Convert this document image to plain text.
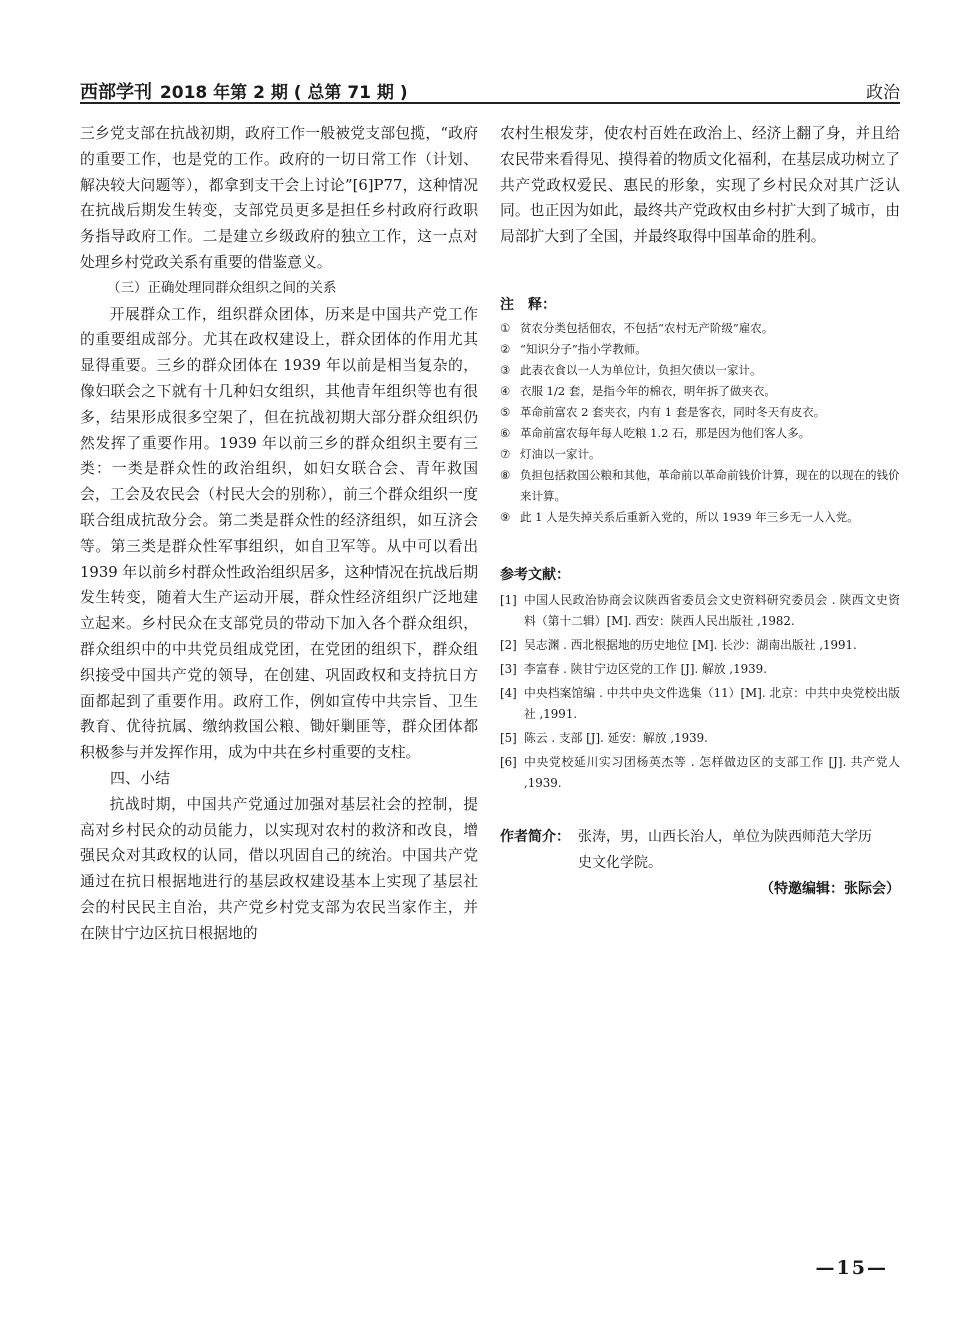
西部学刊 2018 年第 2 期 ( 总第 71 期 )	政治

三乡党支部在抗战初期，政府工作一般被党支部包揽，“政府的重要工作，也是党的工作。政府的一切日常工作（计划、解决较大问题等），都拿到支干会上讨论”[6]P77，这种情况在抗战后期发生转变，支部党员更多是担任乡村政府行政职务指导政府工作。二是建立乡级政府的独立工作，这一点对处理乡村党政关系有重要的借鉴意义。

（三）正确处理同群众组织之间的关系

开展群众工作，组织群众团体，历来是中国共产党工作的重要组成部分。尤其在政权建设上，群众团体的作用尤其显得重要。三乡的群众团体在 1939 年以前是相当复杂的，像妇联会之下就有十几种妇女组织，其他青年组织等也有很多，结果形成很多空架了，但在抗战初期大部分群众组织仍然发挥了重要作用。1939 年以前三乡的群众组织主要有三类：一类是群众性的政治组织，如妇女联合会、青年救国会，工会及农民会（村民大会的别称），前三个群众组织一度联合组成抗敌分会。第二类是群众性的经济组织，如互济会等。第三类是群众性军事组织，如自卫军等。从中可以看出 1939 年以前乡村群众性政治组织居多，这种情况在抗战后期发生转变，随着大生产运动开展，群众性经济组织广泛地建立起来。乡村民众在支部党员的带动下加入各个群众组织，群众组织中的中共党员组成党团，在党团的组织下，群众组织接受中国共产党的领导，在创建、巩固政权和支持抗日方面都起到了重要作用。政府工作，例如宣传中共宗旨、卫生教育、优待抗属、缴纳救国公粮、锄奸剿匪等，群众团体都积极参与并发挥作用，成为中共在乡村重要的支柱。

四、小结

抗战时期，中国共产党通过加强对基层社会的控制，提高对乡村民众的动员能力，以实现对农村的救济和改良，增强民众对其政权的认同，借以巩固自己的统治。中国共产党通过在抗日根据地进行的基层政权建设基本上实现了基层社会的村民民主自治，共产党乡村党支部为农民当家作主，并在陕甘宁边区抗日根据地的

农村生根发芽，使农村百姓在政治上、经济上翻了身，并且给农民带来看得见、摸得着的物质文化福利，在基层成功树立了共产党政权爱民、惠民的形象，实现了乡村民众对其广泛认同。也正因为如此，最终共产党政权由乡村扩大到了城市，由局部扩大到了全国，并最终取得中国革命的胜利。

注　释：
① 贫农分类包括佃农，不包括“农村无产阶级”雇农。
② “知识分子”指小学教师。
③ 此表衣食以一人为单位计，负担欠债以一家计。
④ 衣服 1/2 套，是指今年的棉衣，明年拆了做夹衣。
⑤ 革命前富农 2 套夹衣，内有 1 套是客衣，同时冬天有皮衣。
⑥ 革命前富农每年每人吃粮 1.2 石，那是因为他们客人多。
⑦ 灯油以一家计。
⑧ 负担包括救国公粮和其他，革命前以革命前钱价计算，现在的以现在的钱价来计算。
⑨ 此 1 人是失掉关系后重新入党的，所以 1939 年三乡无一人入党。
参考文献：
[1] 中国人民政治协商会议陕西省委员会文史资料研究委员会 . 陕西文史资料（第十二辑）[M]. 西安：陕西人民出版社 ,1982.
[2] 吴志渊 . 西北根据地的历史地位 [M]. 长沙：湖南出版社 ,1991.
[3] 李富春 . 陕甘宁边区党的工作 [J]. 解放 ,1939.
[4] 中央档案馆编 . 中共中央文件选集（11）[M]. 北京：中共中央党校出版社 ,1991.
[5] 陈云 . 支部 [J]. 延安：解放 ,1939.
[6] 中央党校延川实习团杨英杰等 . 怎样做边区的支部工作 [J]. 共产党人 ,1939.
作者简介： 张涛，男，山西长治人，单位为陕西师范大学历史文化学院。
（特邀编辑：张际会）
—15—
